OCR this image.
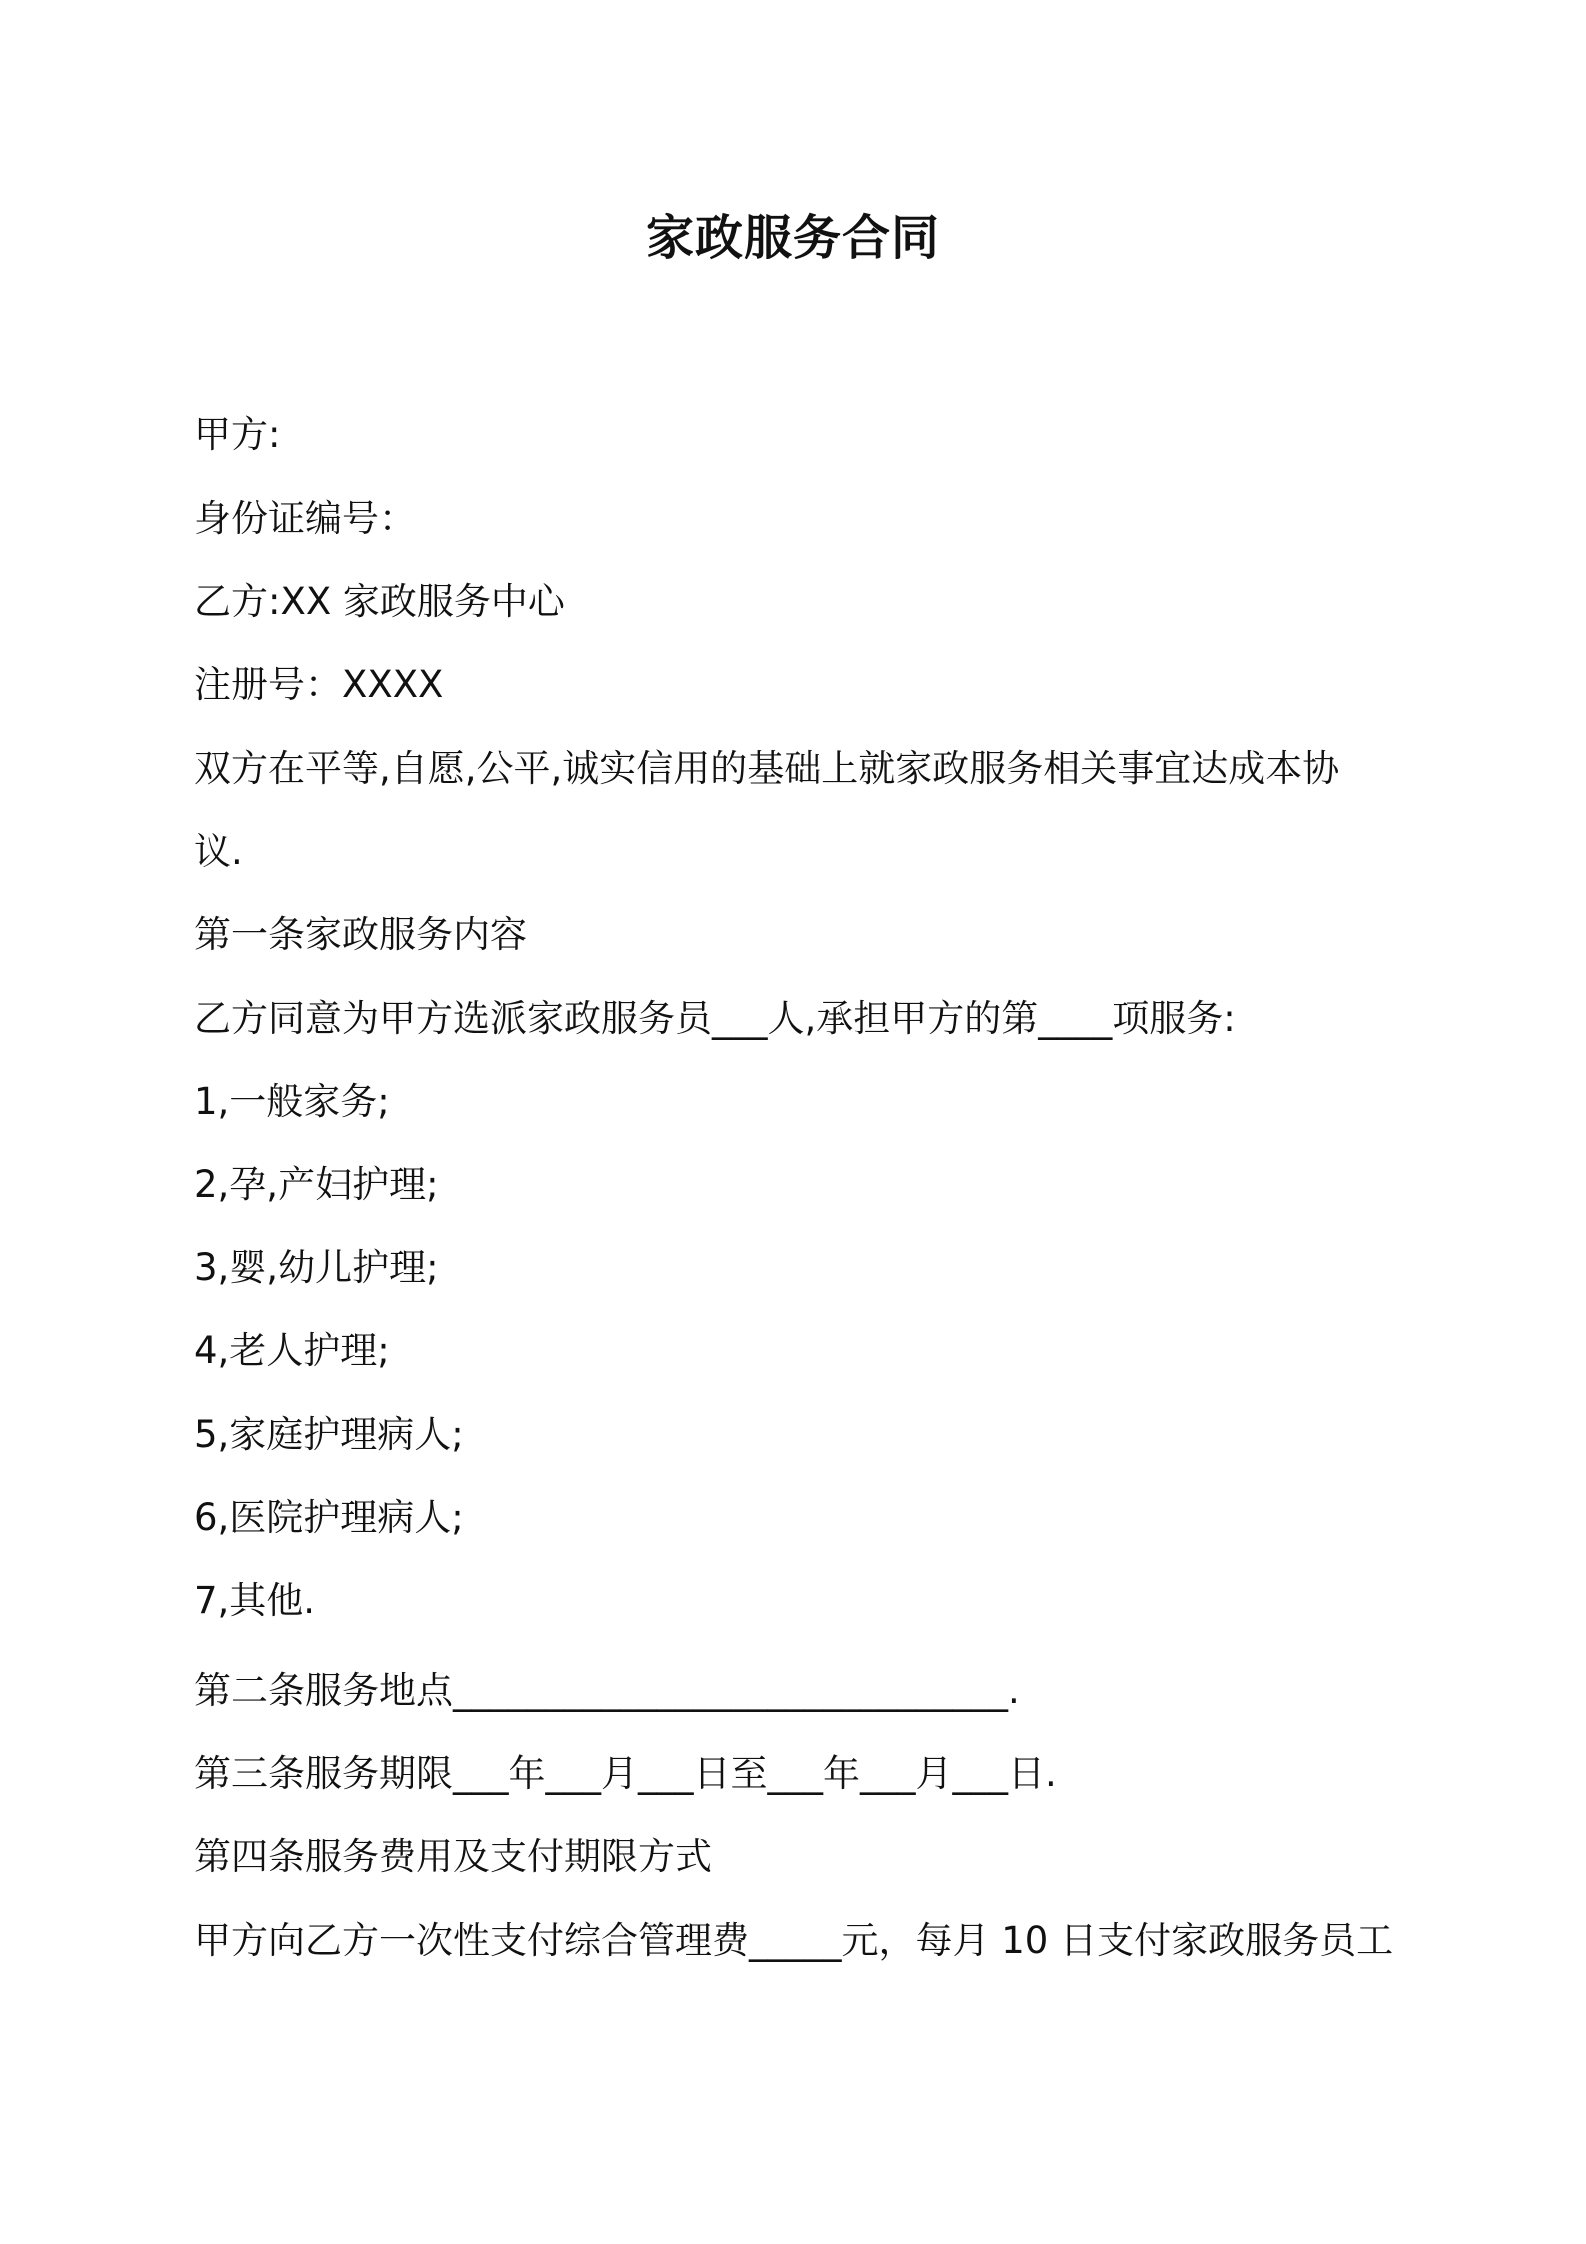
家政服务合同
甲方:
身份证编号：
乙方:XX 家政服务中心
注册号：XXXX
双方在平等,自愿,公平,诚实信用的基础上就家政服务相关事宜达成本协
议.
第一条家政服务内容
乙方同意为甲方选派家政服务员___人,承担甲方的第____项服务:
1,一般家务;
2,孕,产妇护理;
3,婴,幼儿护理;
4,老人护理;
5,家庭护理病人;
6,医院护理病人;
7,其他.
第二条服务地点______________________________.
第三条服务期限___年___月___日至___年___月___日.
第四条服务费用及支付期限方式
甲方向乙方一次性支付综合管理费_____元，每月 10 日支付家政服务员工
